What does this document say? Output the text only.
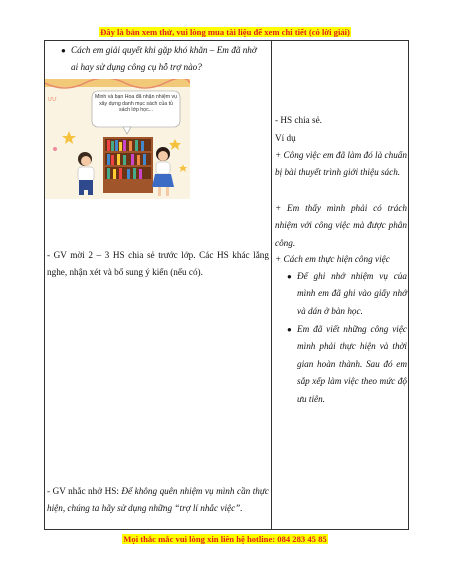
Đây là bản xem thử, vui lòng mua tài liệu để xem chi tiết (có lời giải)
● Cách em giải quyết khi gặp khó khăn – Em đã nhờ ai hay sử dụng công cụ hỗ trợ nào?
ƯƯ	Minh và bạn Hoa đã nhận nhiệm vụ xây dựng danh mục sách của tủ sách lớp học...
- GV mời 2 – 3 HS chia sẻ trước lớp. Các HS khác lắng nghe, nhận xét và bổ sung ý kiến (nếu có).
- GV nhắc nhở HS: Để không quên nhiệm vụ mình cần thực hiện, chúng ta hãy sử dụng những “trợ lí nhắc việc”.
- HS chia sẻ.
Ví dụ
+ Công việc em đã làm đó là chuẩn bị bài thuyết trình giới thiệu sách.
+ Em thấy mình phải có trách nhiệm với công việc mà được phân công.
+ Cách em thực hiện công việc
● Để ghi nhớ nhiệm vụ của mình em đã ghi vào giấy nhớ và dán ở bàn học.
● Em đã viết những công việc mình phải thực hiện và thời gian hoàn thành. Sau đó em sắp xếp làm việc theo mức độ ưu tiên.
Mọi thắc mắc vui lòng xin liên hệ hotline: 084 283 45 85
